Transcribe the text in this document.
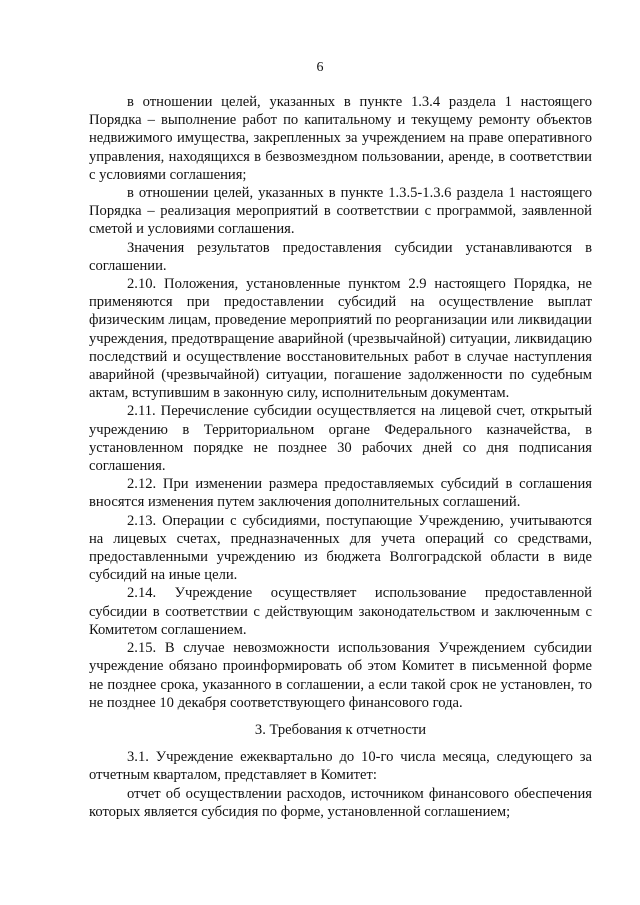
6

в отношении целей, указанных в пункте 1.3.4 раздела 1 настоящего Порядка – выполнение работ по капитальному и текущему ремонту объектов недвижимого имущества, закрепленных за учреждением на праве оперативного управления, находящихся в безвозмездном пользовании, аренде, в соответствии с условиями соглашения;

в отношении целей, указанных в пункте 1.3.5-1.3.6 раздела 1 настоящего Порядка – реализация мероприятий в соответствии с программой, заявленной сметой и условиями соглашения.

Значения результатов предоставления субсидии устанавливаются в соглашении.

2.10. Положения, установленные пунктом 2.9 настоящего Порядка, не применяются при предоставлении субсидий на осуществление выплат физическим лицам, проведение мероприятий по реорганизации или ликвидации учреждения, предотвращение аварийной (чрезвычайной) ситуации, ликвидацию последствий и осуществление восстановительных работ в случае наступления аварийной (чрезвычайной) ситуации, погашение задолженности по судебным актам, вступившим в законную силу, исполнительным документам.

2.11. Перечисление субсидии осуществляется на лицевой счет, открытый учреждению в Территориальном органе Федерального казначейства, в установленном порядке не позднее 30 рабочих дней со дня подписания соглашения.

2.12. При изменении размера предоставляемых субсидий в соглашения вносятся изменения путем заключения дополнительных соглашений.

2.13. Операции с субсидиями, поступающие Учреждению, учитываются на лицевых счетах, предназначенных для учета операций со средствами, предоставленными учреждению из бюджета Волгоградской области в виде субсидий на иные цели.

2.14. Учреждение осуществляет использование предоставленной субсидии в соответствии с действующим законодательством и заключенным с Комитетом соглашением.

2.15. В случае невозможности использования Учреждением субсидии учреждение обязано проинформировать об этом Комитет в письменной форме не позднее срока, указанного в соглашении, а если такой срок не установлен, то не позднее 10 декабря соответствующего финансового года.

3. Требования к отчетности

3.1. Учреждение ежеквартально до 10-го числа месяца, следующего за отчетным кварталом, представляет в Комитет:

отчет об осуществлении расходов, источником финансового обеспечения которых является субсидия по форме, установленной соглашением;
